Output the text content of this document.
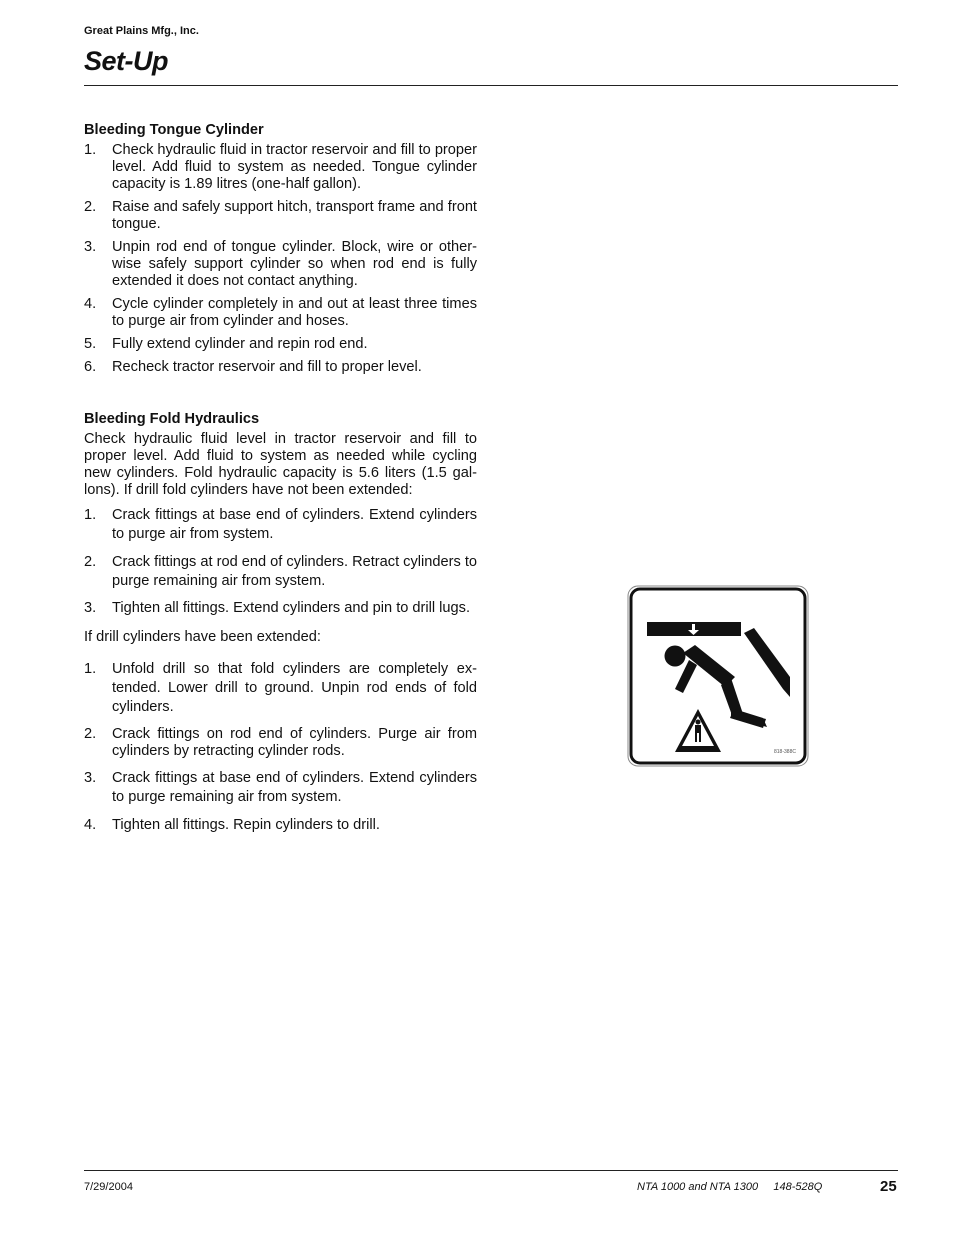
Great Plains Mfg., Inc.
Set-Up
Bleeding Tongue Cylinder
1. Check hydraulic fluid in tractor reservoir and fill to proper level. Add fluid to system as needed. Tongue cylinder capacity is 1.89 litres (one-half gallon).
2. Raise and safely support hitch, transport frame and front tongue.
3. Unpin rod end of tongue cylinder. Block, wire or otherwise safely support cylinder so when rod end is fully extended it does not contact anything.
4. Cycle cylinder completely in and out at least three times to purge air from cylinder and hoses.
5. Fully extend cylinder and repin rod end.
6. Recheck tractor reservoir and fill to proper level.
Bleeding Fold Hydraulics

Check hydraulic fluid level in tractor reservoir and fill to proper level. Add fluid to system as needed while cycling new cylinders. Fold hydraulic capacity is 5.6 liters (1.5 gallons). If drill fold cylinders have not been extended:

1. Crack fittings at base end of cylinders. Extend cylinders to purge air from system.
2. Crack fittings at rod end of cylinders. Retract cylinders to purge remaining air from system.
3. Tighten all fittings. Extend cylinders and pin to drill lugs.

If drill cylinders have been extended:

1. Unfold drill so that fold cylinders are completely extended. Lower drill to ground. Unpin rod ends of fold cylinders.
2. Crack fittings on rod end of cylinders. Purge air from cylinders by retracting cylinder rods.
3. Crack fittings at base end of cylinders. Extend cylinders to purge remaining air from system.
4. Tighten all fittings. Repin cylinders to drill.
818-388C
7/29/2004	NTA 1000 and NTA 1300     148-528Q	25
